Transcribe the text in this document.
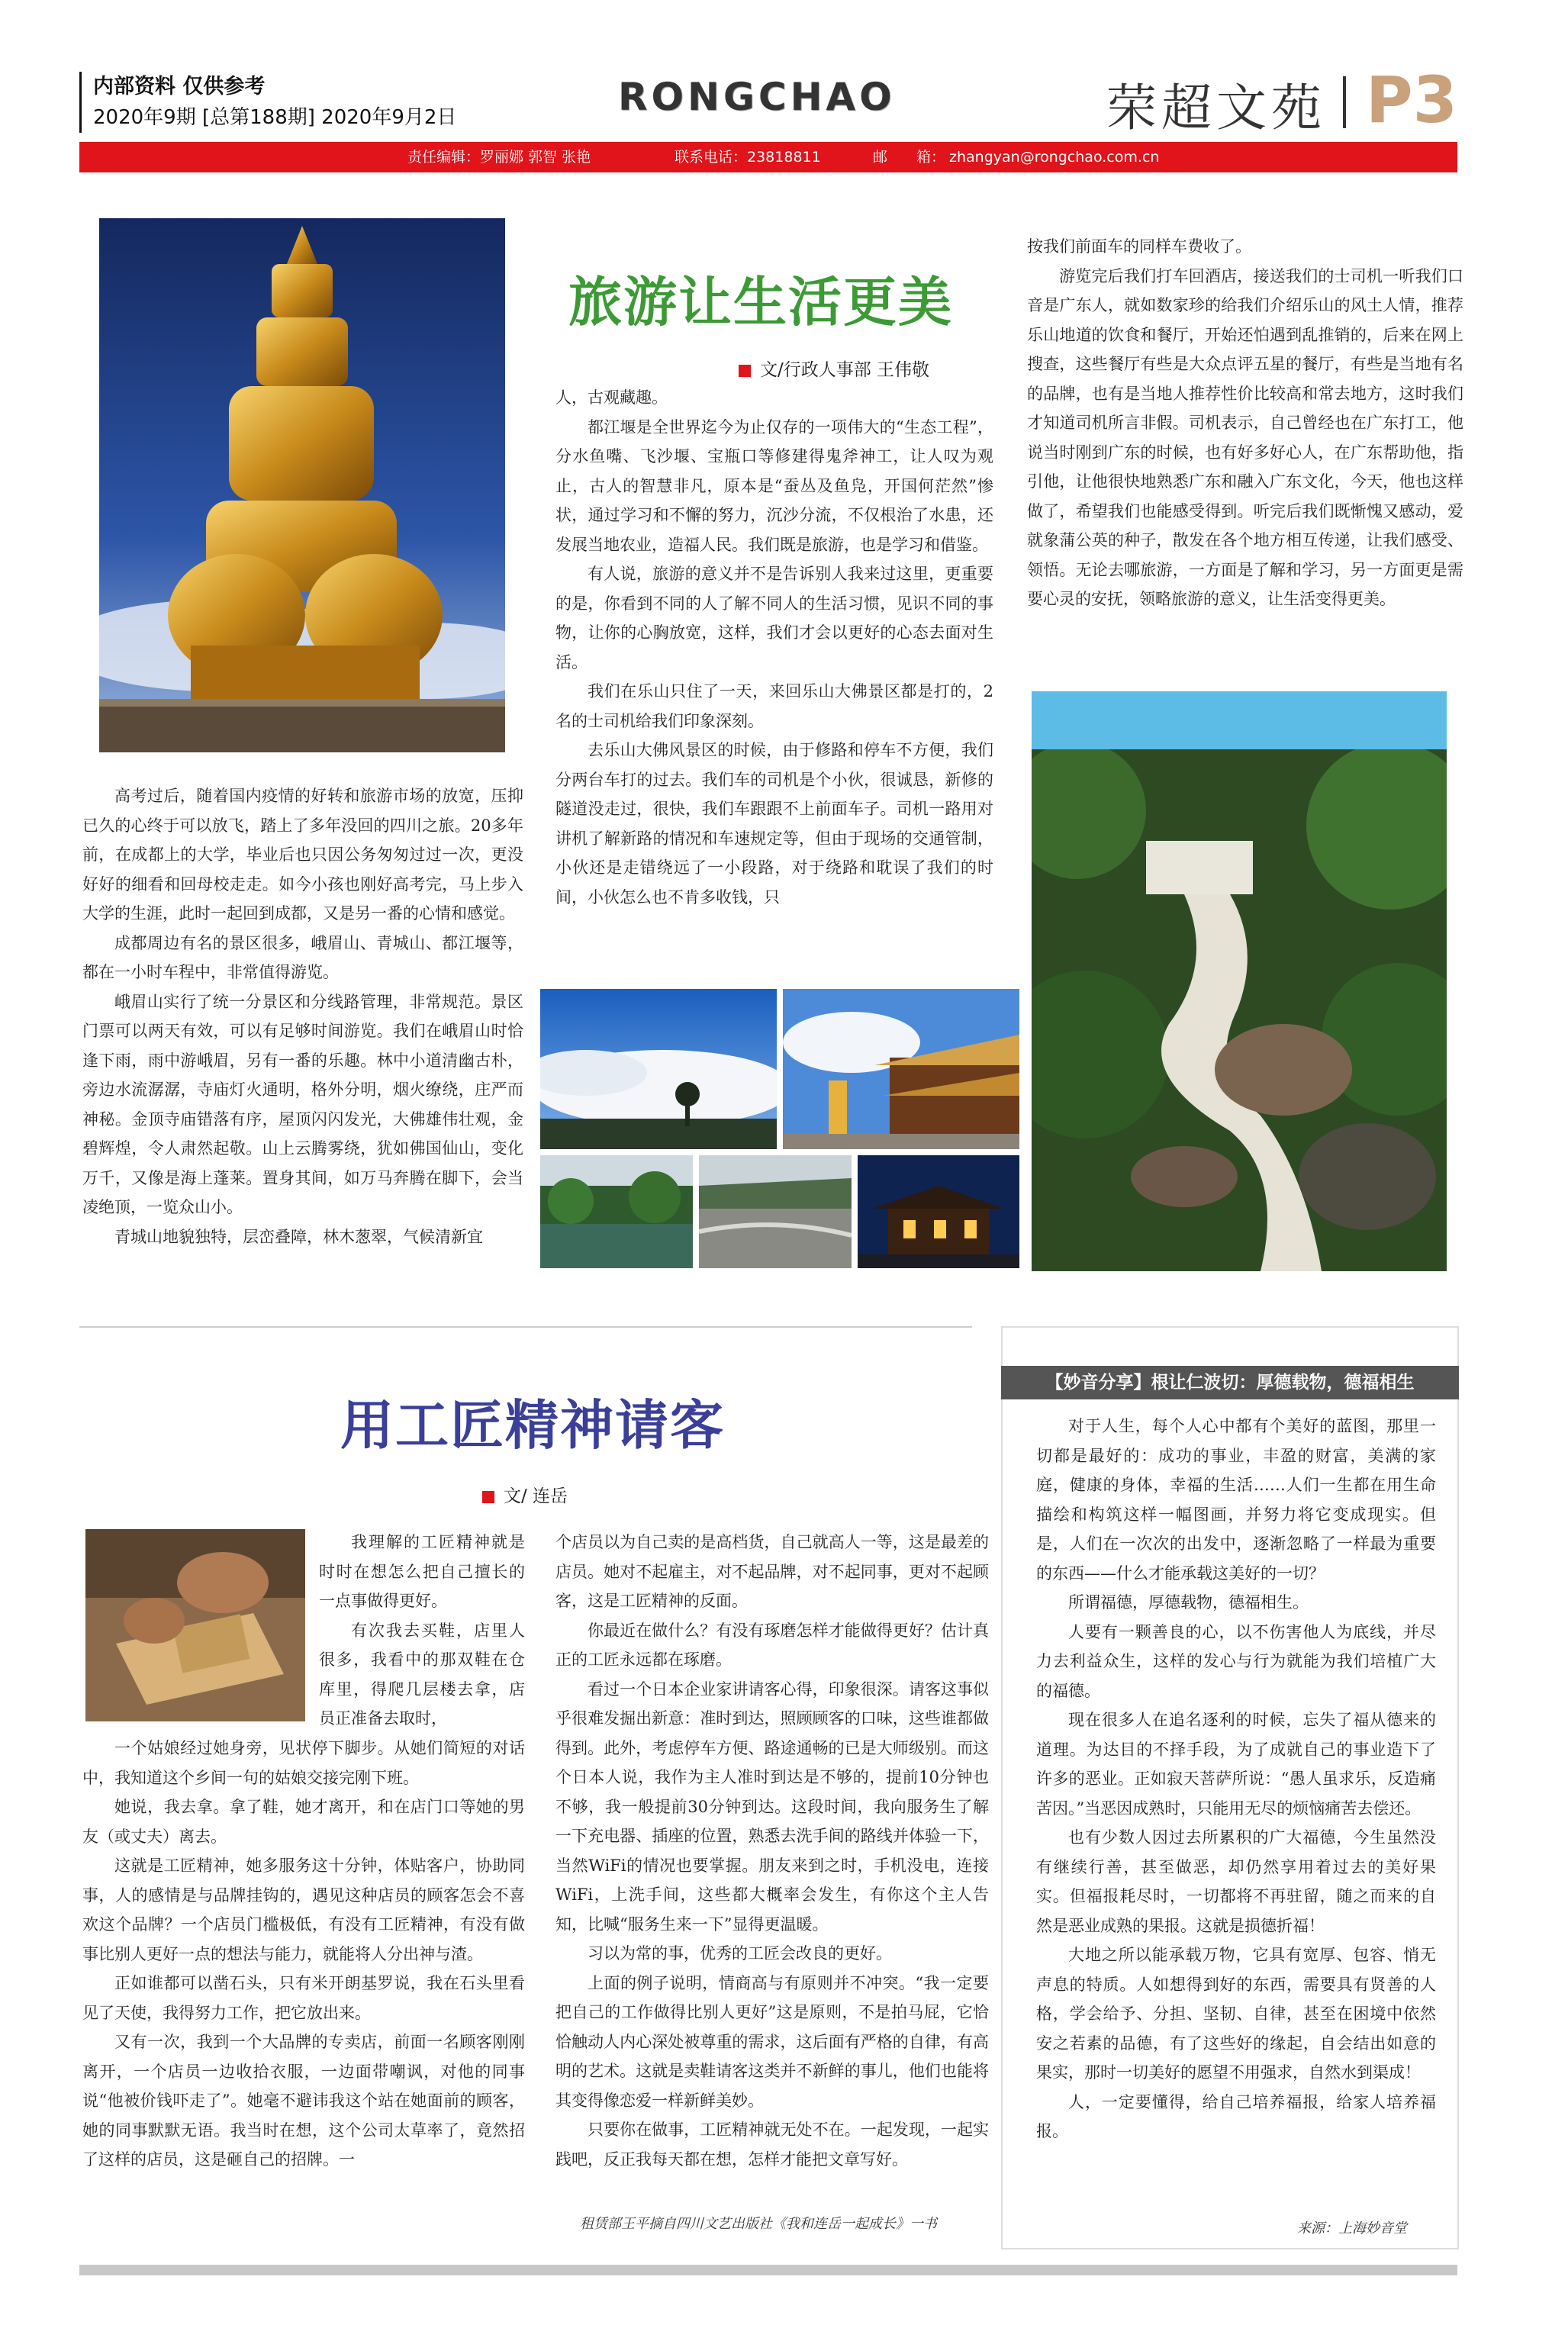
内部资料 仅供参考
2020年9期 [总第188期] 2020年9月2日	RONGCHAO	荣超文苑 P3
责任编辑：罗丽娜 郭智 张艳	联系电话：23818811	邮　　箱： zhangyan@rongchao.com.cn
旅游让生活更美
文/行政人事部 王伟敬

高考过后，随着国内疫情的好转和旅游市场的放宽，压抑已久的心终于可以放飞，踏上了多年没回的四川之旅。20多年前，在成都上的大学，毕业后也只因公务匆匆过过一次，更没好好的细看和回母校走走。如今小孩也刚好高考完，马上步入大学的生涯，此时一起回到成都，又是另一番的心情和感觉。

成都周边有名的景区很多，峨眉山、青城山、都江堰等，都在一小时车程中，非常值得游览。

峨眉山实行了统一分景区和分线路管理，非常规范。景区门票可以两天有效，可以有足够时间游览。我们在峨眉山时恰逢下雨，雨中游峨眉，另有一番的乐趣。林中小道清幽古朴，旁边水流潺潺，寺庙灯火通明，格外分明，烟火缭绕，庄严而神秘。金顶寺庙错落有序，屋顶闪闪发光，大佛雄伟壮观，金碧辉煌，令人肃然起敬。山上云腾雾绕，犹如佛国仙山，变化万千，又像是海上蓬莱。置身其间，如万马奔腾在脚下，会当凌绝顶，一览众山小。

青城山地貌独特，层峦叠障，林木葱翠，气候清新宜

人，古观藏趣。

都江堰是全世界迄今为止仅存的一项伟大的“生态工程”，分水鱼嘴、飞沙堰、宝瓶口等修建得鬼斧神工，让人叹为观止，古人的智慧非凡，原本是“蚕丛及鱼凫，开国何茫然”惨状，通过学习和不懈的努力，沉沙分流，不仅根治了水患，还发展当地农业，造福人民。我们既是旅游，也是学习和借鉴。

有人说，旅游的意义并不是告诉别人我来过这里，更重要的是，你看到不同的人了解不同人的生活习惯，见识不同的事物，让你的心胸放宽，这样，我们才会以更好的心态去面对生活。

我们在乐山只住了一天，来回乐山大佛景区都是打的，2名的士司机给我们印象深刻。

去乐山大佛风景区的时候，由于修路和停车不方便，我们分两台车打的过去。我们车的司机是个小伙，很诚恳，新修的隧道没走过，很快，我们车跟跟不上前面车子。司机一路用对讲机了解新路的情况和车速规定等，但由于现场的交通管制，小伙还是走错绕远了一小段路，对于绕路和耽误了我们的时间，小伙怎么也不肯多收钱，只

按我们前面车的同样车费收了。

游览完后我们打车回酒店，接送我们的士司机一听我们口音是广东人，就如数家珍的给我们介绍乐山的风土人情，推荐乐山地道的饮食和餐厅，开始还怕遇到乱推销的，后来在网上搜查，这些餐厅有些是大众点评五星的餐厅，有些是当地有名的品牌，也有是当地人推荐性价比较高和常去地方，这时我们才知道司机所言非假。司机表示，自己曾经也在广东打工，他说当时刚到广东的时候，也有好多好心人，在广东帮助他，指引他，让他很快地熟悉广东和融入广东文化，今天，他也这样做了，希望我们也能感受得到。听完后我们既惭愧又感动，爱就象蒲公英的种子，散发在各个地方相互传递，让我们感受、领悟。无论去哪旅游，一方面是了解和学习，另一方面更是需要心灵的安抚，领略旅游的意义，让生活变得更美。

用工匠精神请客
文/ 连岳

我理解的工匠精神就是时时在想怎么把自己擅长的一点事做得更好。

有次我去买鞋，店里人很多，我看中的那双鞋在仓库里，得爬几层楼去拿，店员正准备去取时，

一个姑娘经过她身旁，见状停下脚步。从她们简短的对话中，我知道这个乡间一句的姑娘交接完刚下班。

她说，我去拿。拿了鞋，她才离开，和在店门口等她的男友（或丈夫）离去。

这就是工匠精神，她多服务这十分钟，体贴客户，协助同事，人的感情是与品牌挂钩的，遇见这种店员的顾客怎会不喜欢这个品牌？一个店员门槛极低，有没有工匠精神，有没有做事比别人更好一点的想法与能力，就能将人分出神与渣。

正如谁都可以凿石头，只有米开朗基罗说，我在石头里看见了天使，我得努力工作，把它放出来。

又有一次，我到一个大品牌的专卖店，前面一名顾客刚刚离开，一个店员一边收拾衣服，一边面带嘲讽，对他的同事说“他被价钱吓走了”。她毫不避讳我这个站在她面前的顾客，她的同事默默无语。我当时在想，这个公司太草率了，竟然招了这样的店员，这是砸自己的招牌。一

个店员以为自己卖的是高档货，自己就高人一等，这是最差的店员。她对不起雇主，对不起品牌，对不起同事，更对不起顾客，这是工匠精神的反面。

你最近在做什么？有没有琢磨怎样才能做得更好？估计真正的工匠永远都在琢磨。

看过一个日本企业家讲请客心得，印象很深。请客这事似乎很难发掘出新意：准时到达，照顾顾客的口味，这些谁都做得到。此外，考虑停车方便、路途通畅的已是大师级别。而这个日本人说，我作为主人准时到达是不够的，提前10分钟也不够，我一般提前30分钟到达。这段时间，我向服务生了解一下充电器、插座的位置，熟悉去洗手间的路线并体验一下，当然WiFi的情况也要掌握。朋友来到之时，手机没电，连接WiFi，上洗手间，这些都大概率会发生，有你这个主人告知，比喊“服务生来一下”显得更温暖。

习以为常的事，优秀的工匠会改良的更好。

上面的例子说明，情商高与有原则并不冲突。“我一定要把自己的工作做得比别人更好”这是原则，不是拍马屁，它恰恰触动人内心深处被尊重的需求，这后面有严格的自律，有高明的艺术。这就是卖鞋请客这类并不新鲜的事儿，他们也能将其变得像恋爱一样新鲜美妙。

只要你在做事，工匠精神就无处不在。一起发现，一起实践吧，反正我每天都在想，怎样才能把文章写好。

租赁部王平摘自四川文艺出版社《我和连岳一起成长》一书
【妙音分享】根让仁波切：厚德载物，德福相生

对于人生，每个人心中都有个美好的蓝图，那里一切都是最好的：成功的事业，丰盈的财富，美满的家庭，健康的身体，幸福的生活……人们一生都在用生命描绘和构筑这样一幅图画，并努力将它变成现实。但是，人们在一次次的出发中，逐渐忽略了一样最为重要的东西——什么才能承载这美好的一切？

所谓福德，厚德载物，德福相生。

人要有一颗善良的心，以不伤害他人为底线，并尽力去利益众生，这样的发心与行为就能为我们培植广大的福德。

现在很多人在追名逐利的时候，忘失了福从德来的道理。为达目的不择手段，为了成就自己的事业造下了许多的恶业。正如寂天菩萨所说：“愚人虽求乐，反造痛苦因。”当恶因成熟时，只能用无尽的烦恼痛苦去偿还。

也有少数人因过去所累积的广大福德，今生虽然没有继续行善，甚至做恶，却仍然享用着过去的美好果实。但福报耗尽时，一切都将不再驻留，随之而来的自然是恶业成熟的果报。这就是损德折福！

大地之所以能承载万物，它具有宽厚、包容、悄无声息的特质。人如想得到好的东西，需要具有贤善的人格，学会给予、分担、坚韧、自律，甚至在困境中依然安之若素的品德，有了这些好的缘起，自会结出如意的果实，那时一切美好的愿望不用强求，自然水到渠成！

人，一定要懂得，给自己培养福报，给家人培养福报。

来源：上海妙音堂
